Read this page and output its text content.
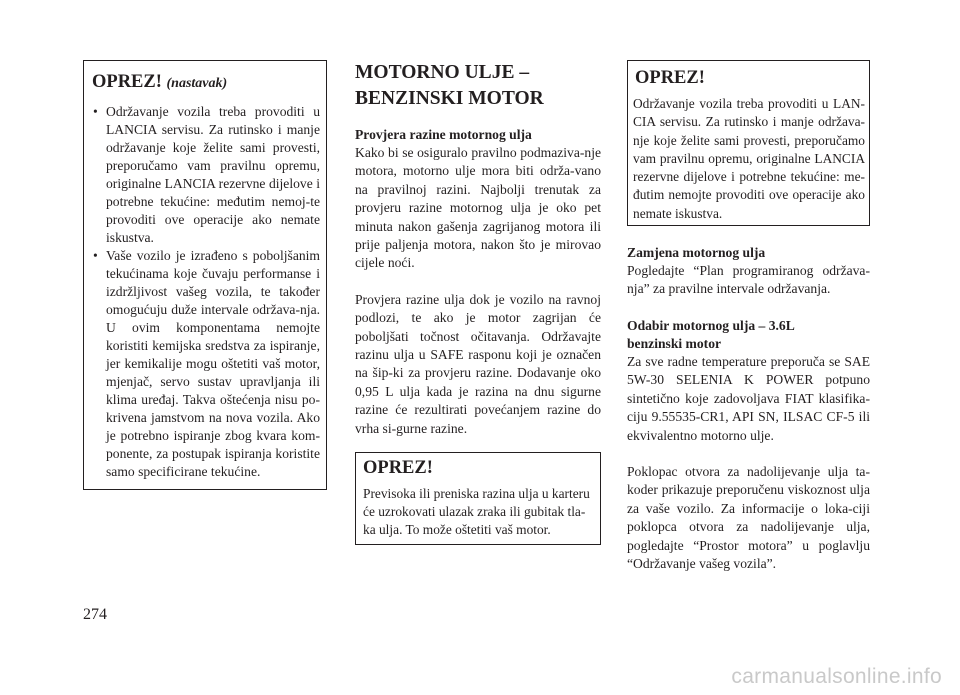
OPREZ! (nastavak)
• Održavanje vozila treba provoditi u LANCIA servisu. Za rutinsko i manje održavanje koje želite sami provesti, preporučamo vam pravilnu opremu, originalne LANCIA rezervne dijelove i potrebne tekućine: međutim nemoj-te provoditi ove operacije ako nemate iskustva.
• Vaše vozilo je izrađeno s poboljšanim tekućinama koje čuvaju performanse i izdržljivost vašeg vozila, te također omogućuju duže intervale održava-nja. U ovim komponentama nemojte koristiti kemijska sredstva za ispiranje, jer kemikalije mogu oštetiti vaš motor, mjenjač, servo sustav upravljanja ili klima uređaj. Takva oštećenja nisu po-krivena jamstvom na nova vozila. Ako je potrebno ispiranje zbog kvara kom-ponente, za postupak ispiranja koristite samo specificirane tekućine.
MOTORNO ULJE –
BENZINSKI MOTOR
Provjera razine motornog ulja

Kako bi se osiguralo pravilno podmaziva-nje motora, motorno ulje mora biti održa-vano na pravilnoj razini. Najbolji trenutak za provjeru razine motornog ulja je oko pet minuta nakon gašenja zagrijanog motora ili prije paljenja motora, nakon što je mirovao cijele noći.

Provjera razine ulja dok je vozilo na ravnoj podlozi, te ako je motor zagrijan će poboljšati točnost očitavanja. Održavajte razinu ulja u SAFE rasponu koji je označen na šip-ki za provjeru razine. Dodavanje oko 0,95 L ulja kada je razina na dnu sigurne razine će rezultirati povećanjem razine do vrha si-gurne razine.

OPREZ!

Previsoka ili preniska razina ulja u karteru će uzrokovati ulazak zraka ili gubitak tla-ka ulja. To može oštetiti vaš motor.

OPREZ!

Održavanje vozila treba provoditi u LAN-CIA servisu. Za rutinsko i manje održava-nje koje želite sami provesti, preporučamo vam pravilnu opremu, originalne LANCIA rezervne dijelove i potrebne tekućine: me-đutim nemojte provoditi ove operacije ako nemate iskustva.

Zamjena motornog ulja

Pogledajte “Plan programiranog održava-nja” za pravilne intervale održavanja.

Odabir motornog ulja – 3.6L
benzinski motor

Za sve radne temperature preporuča se SAE 5W-30 SELENIA K POWER potpuno sintetično koje zadovoljava FIAT klasifika-ciju 9.55535-CR1, API SN, ILSAC CF-5 ili ekvivalentno motorno ulje.

Poklopac otvora za nadolijevanje ulja ta-koder prikazuje preporučenu viskoznost ulja za vaše vozilo. Za informacije o loka-ciji poklopca otvora za nadolijevanje ulja, pogledajte “Prostor motora” u poglavlju “Održavanje vašeg vozila”.

274
carmanualsonline.info
